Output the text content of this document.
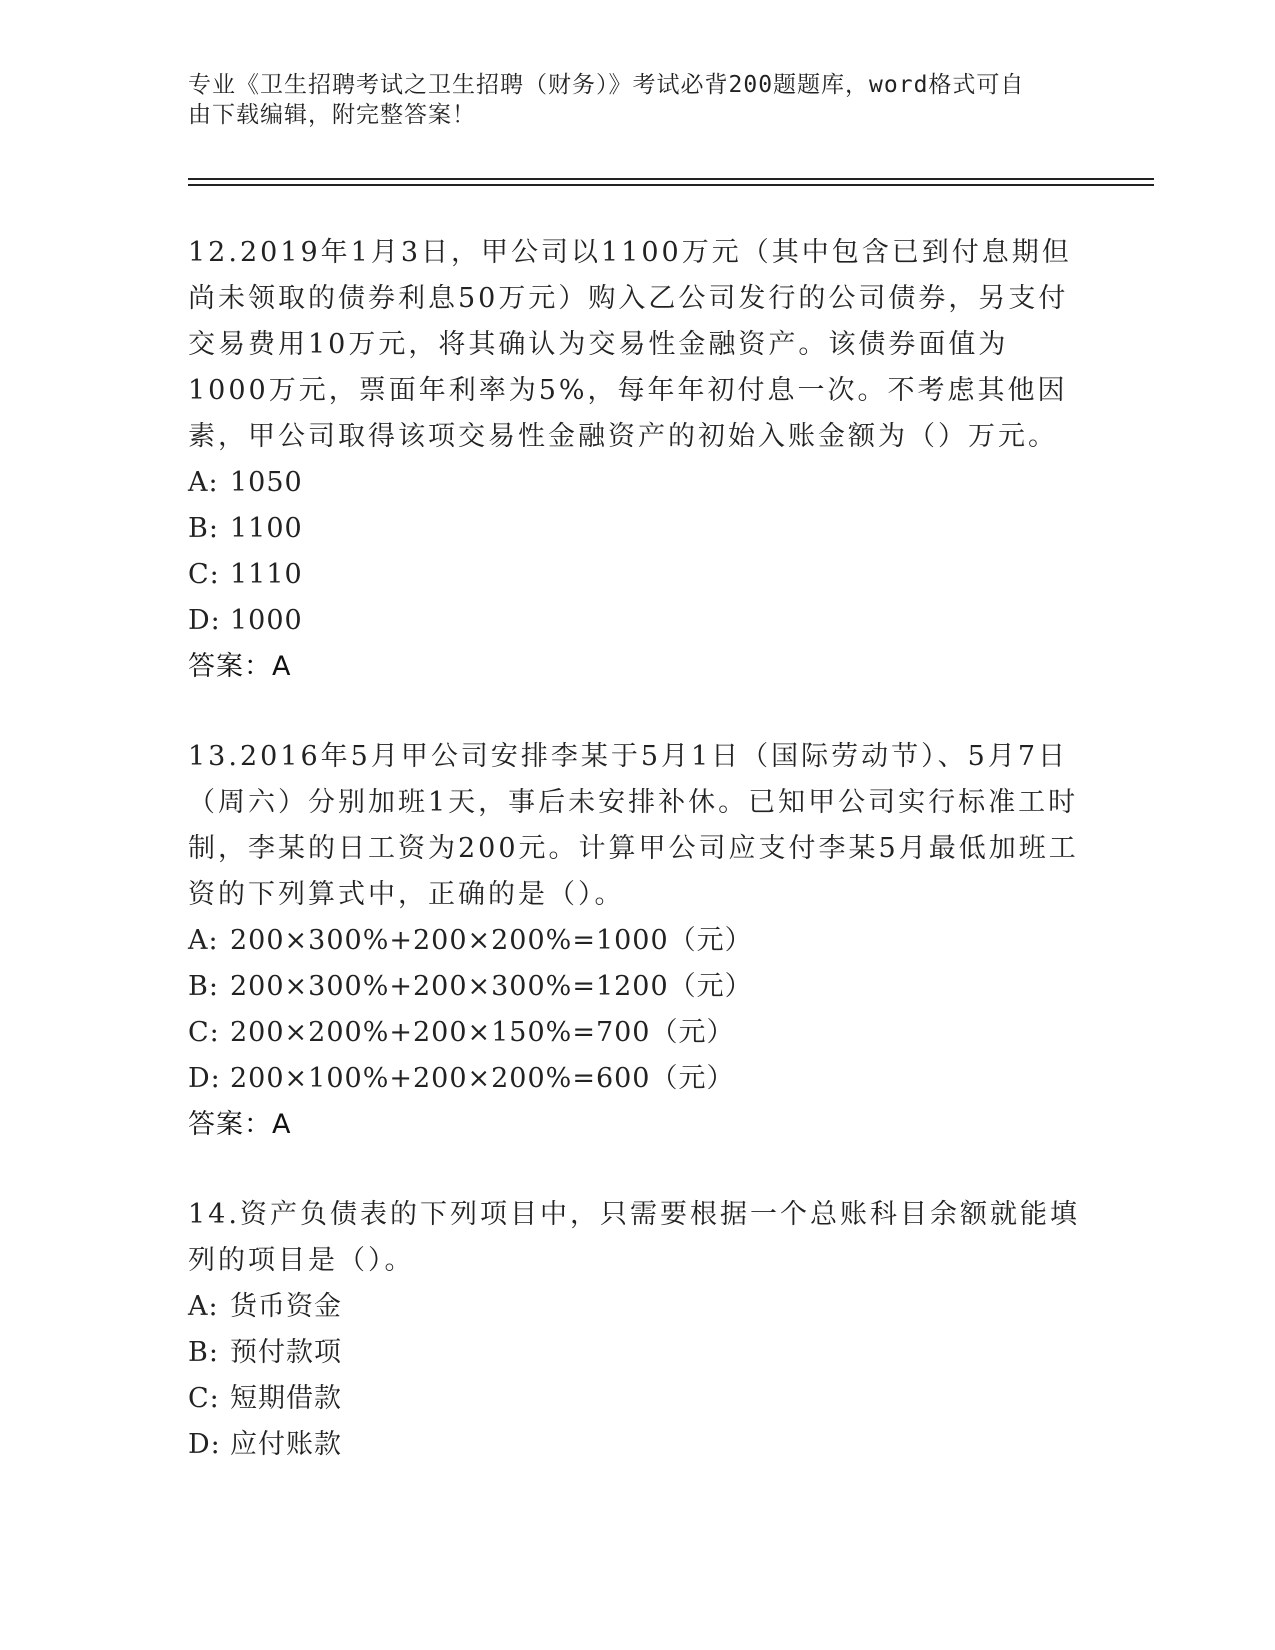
专业《卫生招聘考试之卫生招聘（财务）》考试必背200题题库，word格式可自
由下载编辑，附完整答案！

12.2019年1月3日，甲公司以1100万元（其中包含已到付息期但尚未领取的债券利息50万元）购入乙公司发行的公司债券，另支付交易费用10万元，将其确认为交易性金融资产。该债券面值为1000万元，票面年利率为5%，每年年初付息一次。不考虑其他因素，甲公司取得该项交易性金融资产的初始入账金额为（）万元。

A: 1050

B: 1100

C: 1110

D: 1000

答案：A

13.2016年5月甲公司安排李某于5月1日（国际劳动节）、5月7日（周六）分别加班1天，事后未安排补休。已知甲公司实行标准工时制，李某的日工资为200元。计算甲公司应支付李某5月最低加班工资的下列算式中，正确的是（）。

A: 200×300%+200×200%=1000（元）

B: 200×300%+200×300%=1200（元）

C: 200×200%+200×150%=700（元）

D: 200×100%+200×200%=600（元）

答案：A

14.资产负债表的下列项目中，只需要根据一个总账科目余额就能填列的项目是（）。

A: 货币资金

B: 预付款项

C: 短期借款

D: 应付账款
